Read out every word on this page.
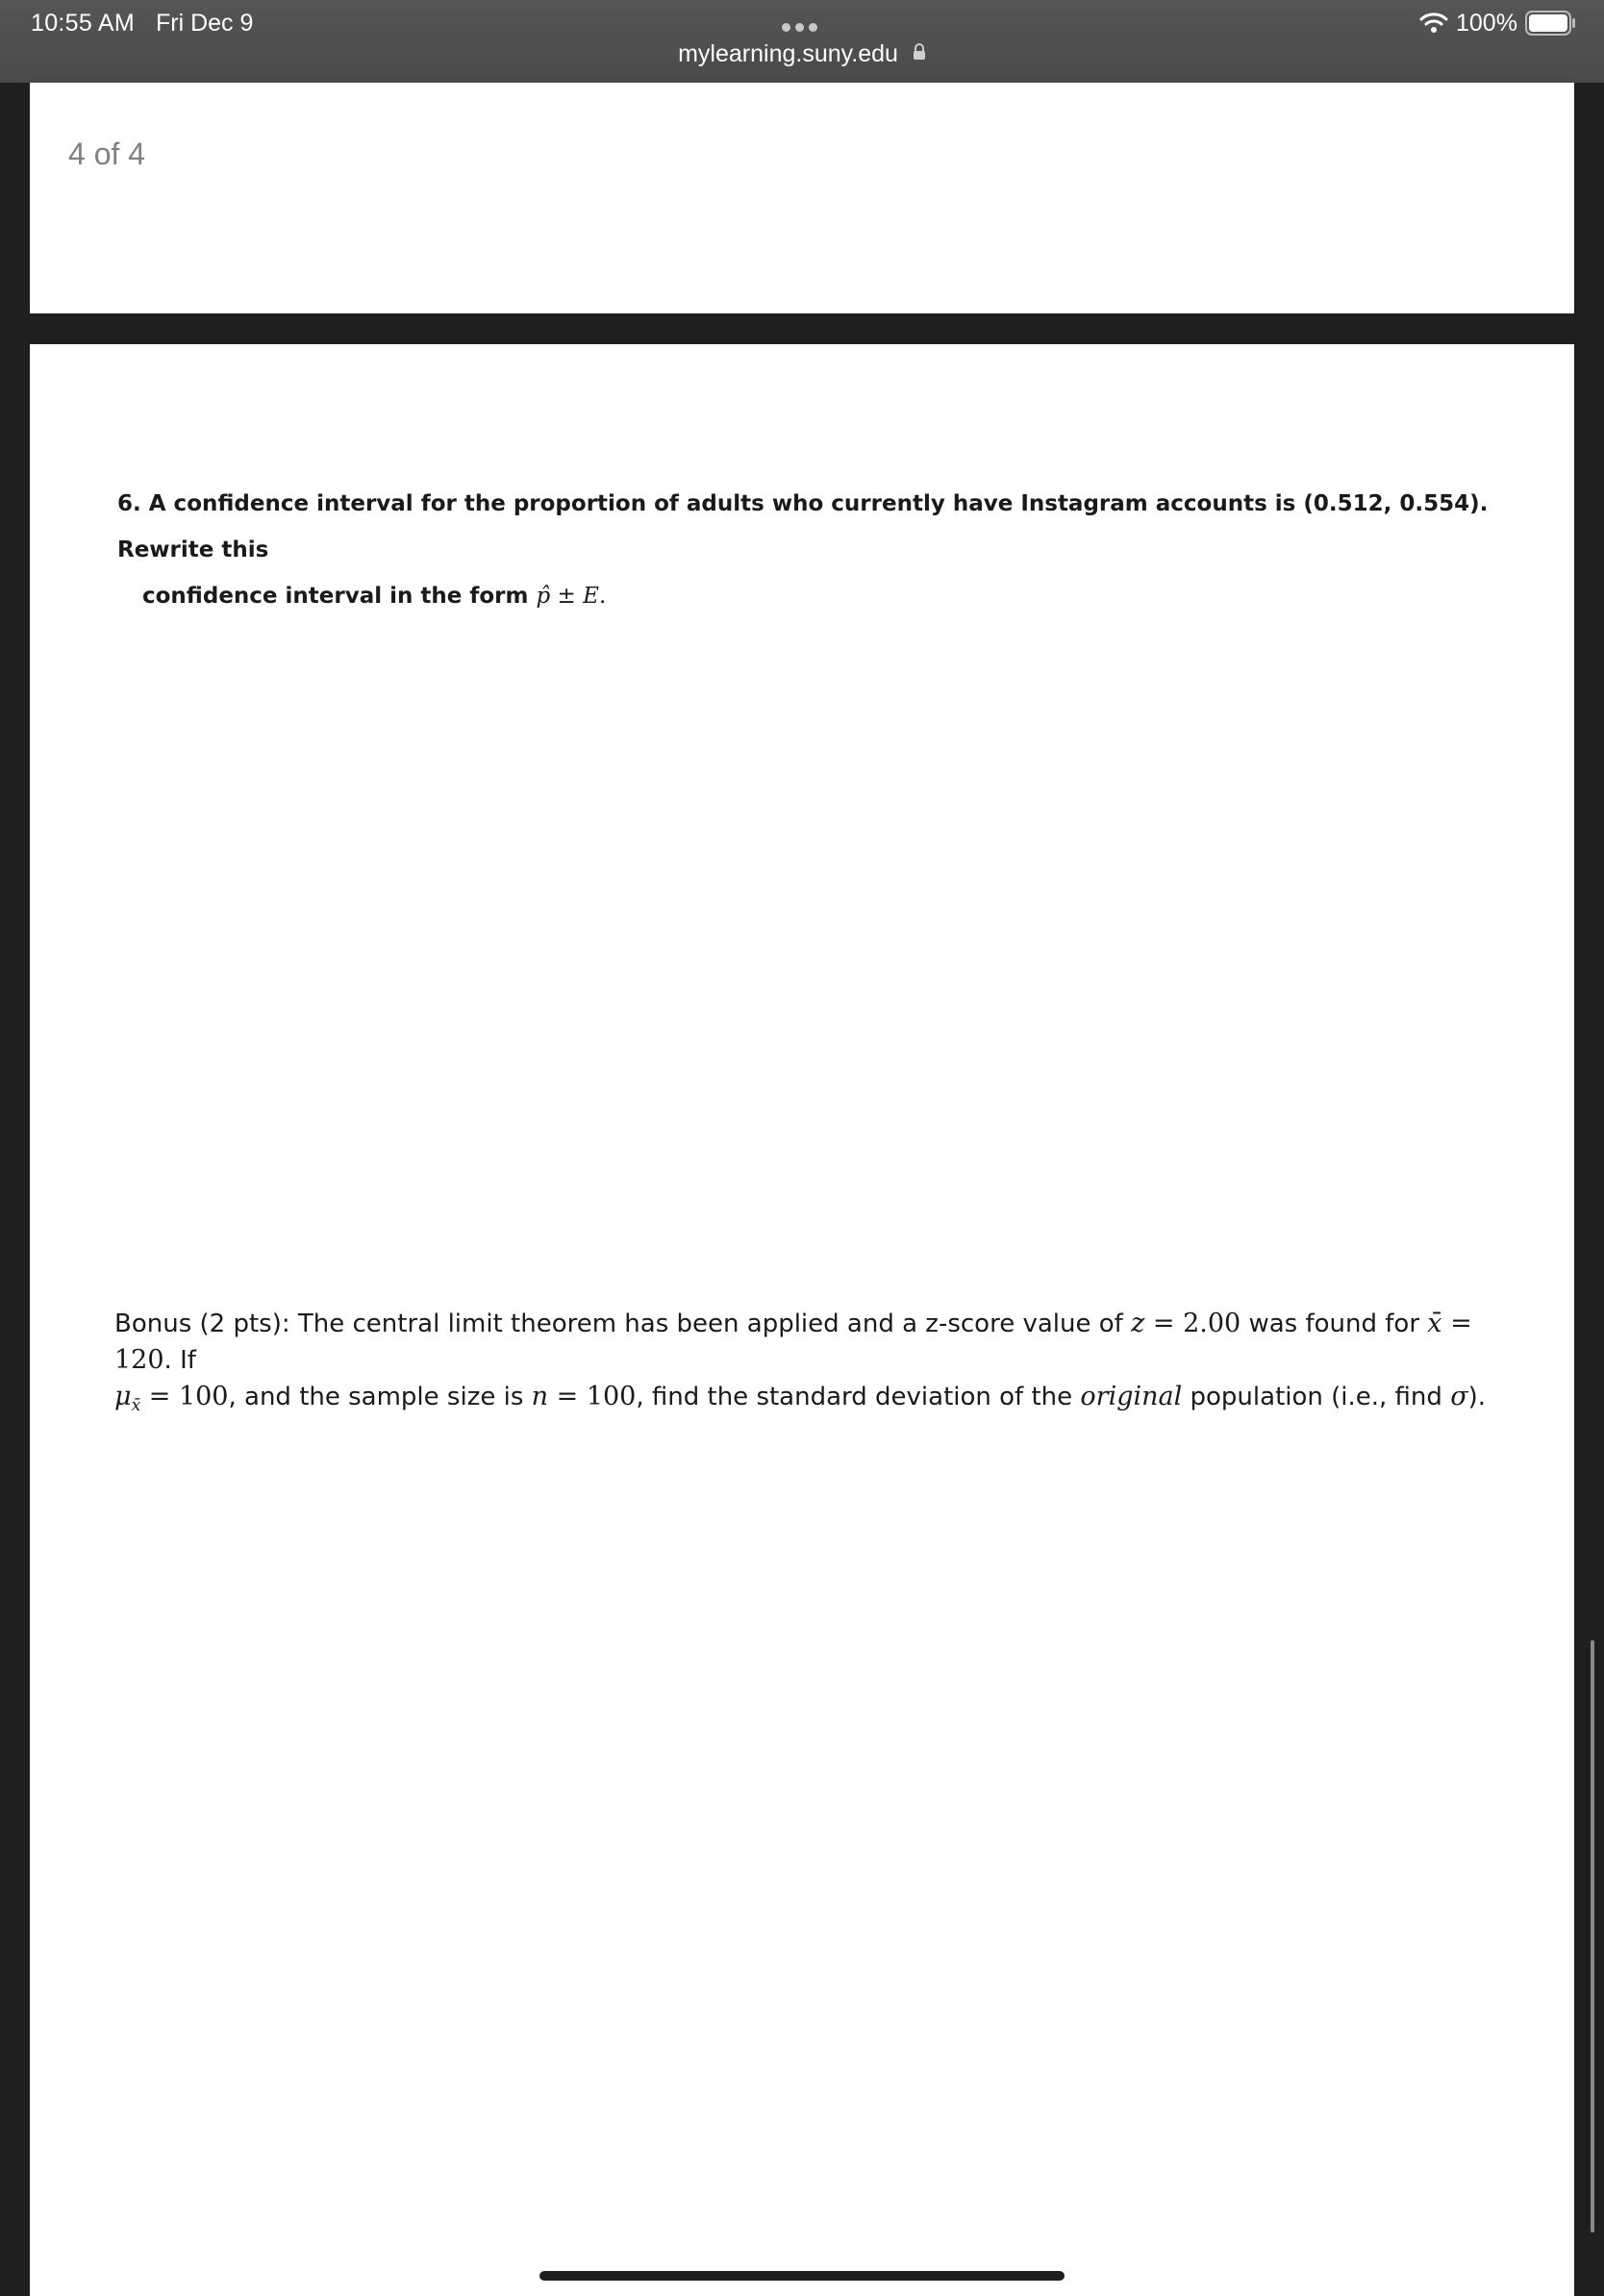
10:55 AM Fri Dec 9
mylearning.suny.edu
100%
4 of 4
6. A confidence interval for the proportion of adults who currently have Instagram accounts is (0.512, 0.554). Rewrite this
confidence interval in the form p̂ ± E.
Bonus (2 pts): The central limit theorem has been applied and a z-score value of z = 2.00 was found for x̄ = 120. If
$\mu_{x̄} = 100$, and the sample size is n = 100, find the standard deviation of the original population (i.e., find σ).
